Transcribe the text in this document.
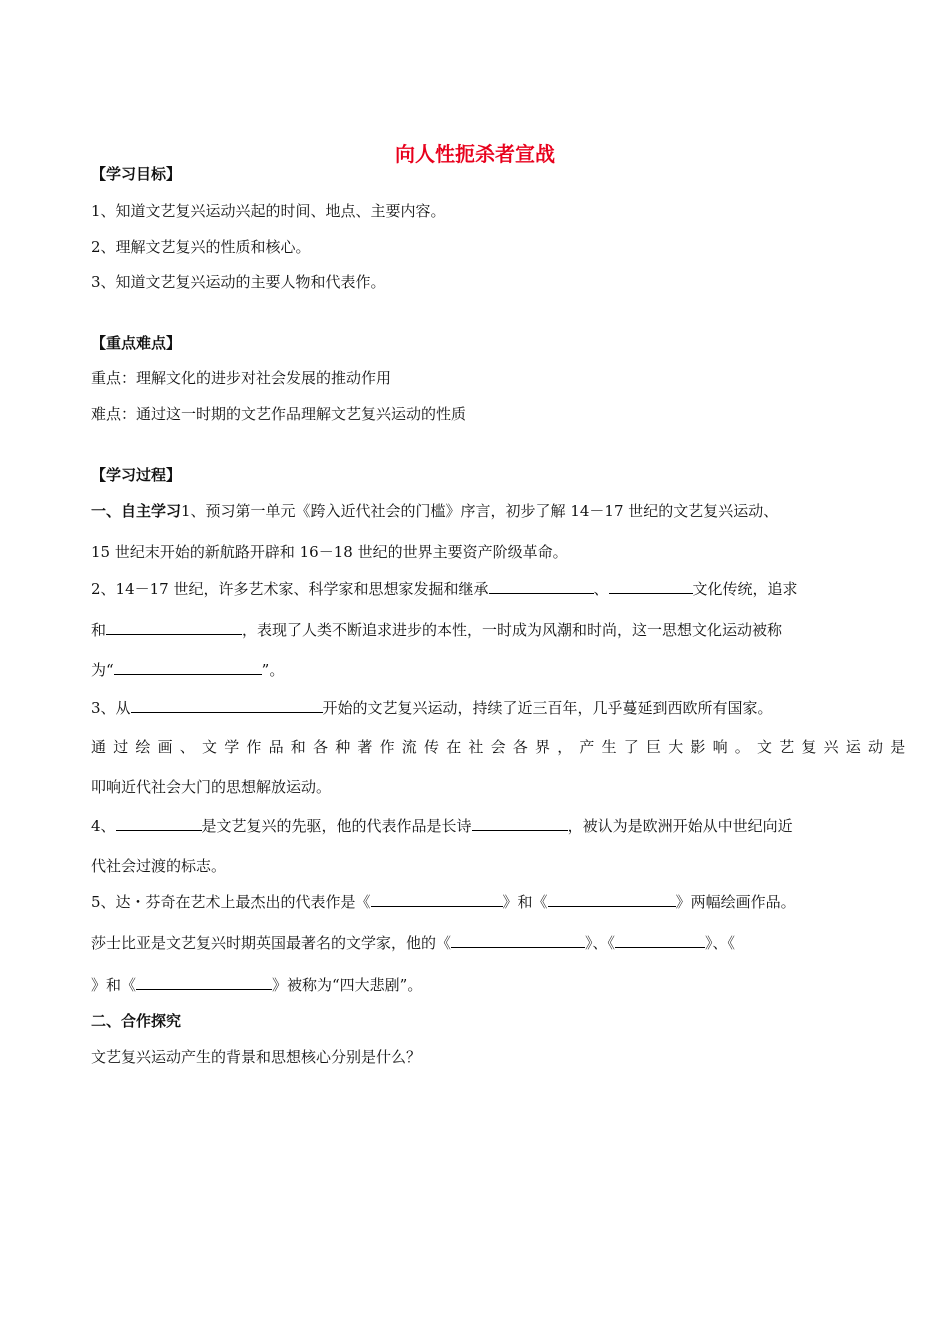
向人性扼杀者宣战
【学习目标】
1、知道文艺复兴运动兴起的时间、地点、主要内容。
2、理解文艺复兴的性质和核心。
3、知道文艺复兴运动的主要人物和代表作。
【重点难点】
重点：理解文化的进步对社会发展的推动作用
难点：通过这一时期的文艺作品理解文艺复兴运动的性质
【学习过程】
一、自主学习1、预习第一单元《跨入近代社会的门槛》序言，初步了解 14－17 世纪的文艺复兴运动、
15 世纪末开始的新航路开辟和 16－18 世纪的世界主要资产阶级革命。
2、14－17 世纪，许多艺术家、科学家和思想家发掘和继承	、	文化传统，追求
和	，表现了人类不断追求进步的本性，一时成为风潮和时尚，这一思想文化运动被称
为“	”。
3、从	开始的文艺复兴运动，持续了近三百年，几乎蔓延到西欧所有国家。
通过绘画、文学作品和各种著作流传在社会各界，产生了巨大影响。文艺复兴运动是
叩响近代社会大门的思想解放运动。
4、	是文艺复兴的先驱，他的代表作品是长诗	，被认为是欧洲开始从中世纪向近
代社会过渡的标志。
5、达・芬奇在艺术上最杰出的代表作是《	》和《	》两幅绘画作品。
莎士比亚是文艺复兴时期英国最著名的文学家，他的《	》、《	》、《
》和《	》被称为“四大悲剧”。
二、合作探究
文艺复兴运动产生的背景和思想核心分别是什么？
